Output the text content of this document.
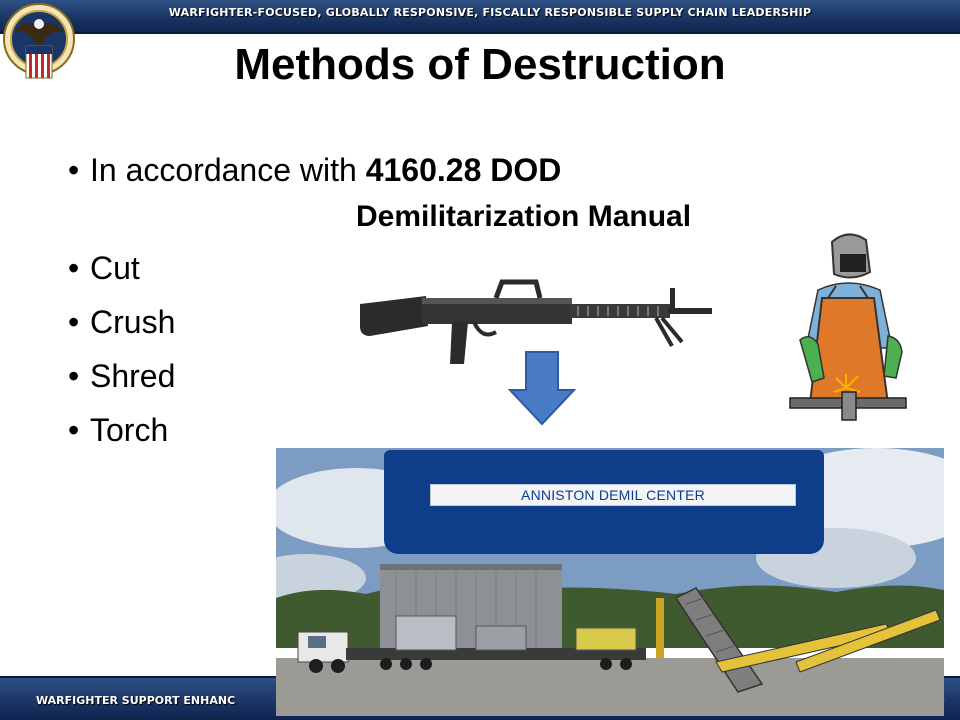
WARFIGHTER-FOCUSED, GLOBALLY RESPONSIVE, FISCALLY RESPONSIBLE SUPPLY CHAIN LEADERSHIP
Methods of Destruction
• In accordance with 4160.28 DOD
Demilitarization Manual
• Cut
• Crush
• Shred
• Torch
WARFIGHTER SUPPORT ENHANC
ANNISTON DEMIL CENTER
